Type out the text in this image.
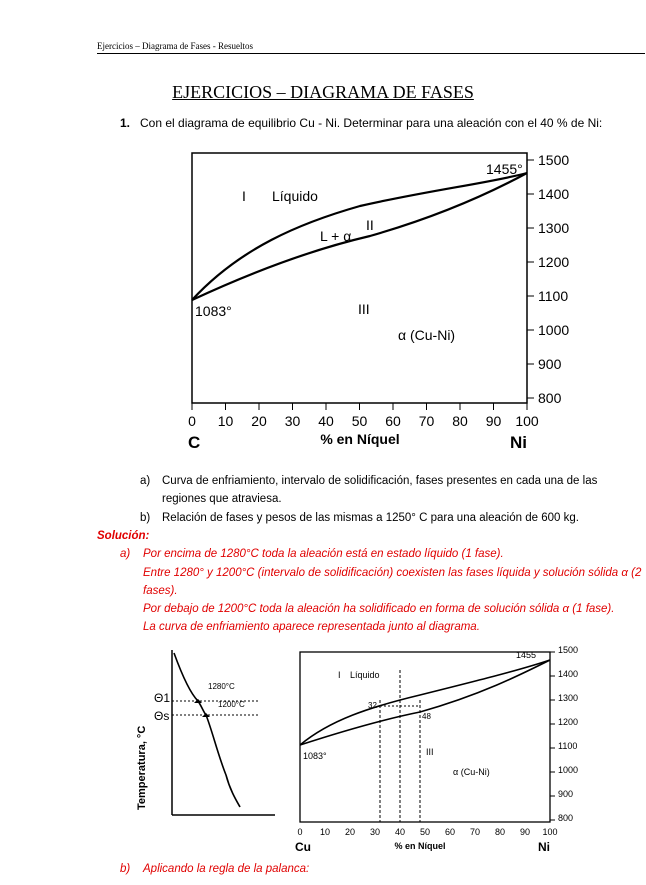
Ejercicios – Diagrama de Fases - Resueltos
EJERCICIOS – DIAGRAMA DE FASES
1. Con el diagrama de equilibrio Cu - Ni. Determinar para una aleación con el 40 % de Ni:
1500
1400
1300
1200
1100
1000
900
800
0 10 20 30 40 50 60 70 80 90 100
C	Ni
% en Níquel
I Líquido
L + α
II
III
α (Cu-Ni)
1083°
1455°
a) Curva de enfriamiento, intervalo de solidificación, fases presentes en cada una de las
regiones que atraviesa.
b) Relación de fases y pesos de las mismas a 1250° C para una aleación de 600 kg.
Solución:
a) Por encima de 1280°C toda la aleación está en estado líquido (1 fase).
Entre 1280° y 1200°C (intervalo de solidificación) coexisten las fases líquida y solución sólida α (2
fases).
Por debajo de 1200°C toda la aleación ha solidificado en forma de solución sólida α (1 fase).
La curva de enfriamiento aparece representada junto al diagrama.
Θ1
Θs
1280°C
1200°C
Temperatura, °C
1500
1400
1300
1200
1100
1000
900
800
0 10 20 30 40 50 60 70 80 90 100
Cu	Ni
% en Níquel
I Líquido
III
α (Cu-Ni)
1083°
1455
32
48
b) Aplicando la regla de la palanca:
